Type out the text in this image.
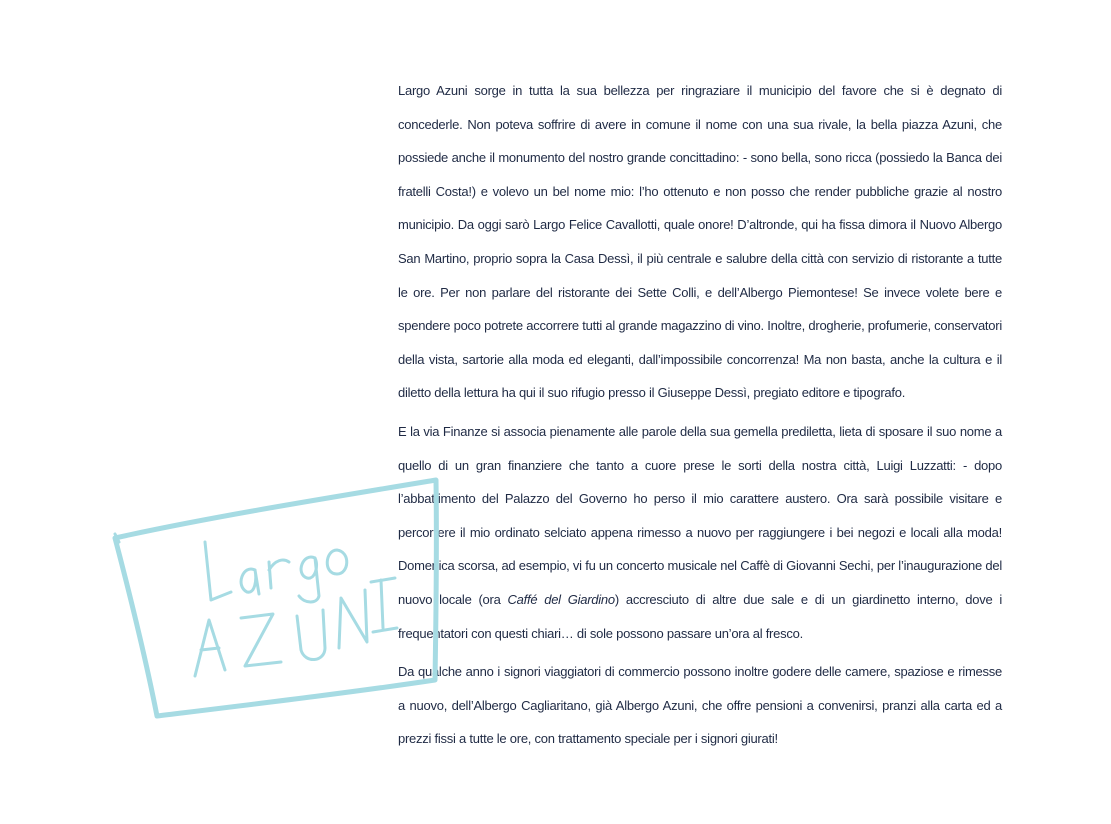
Largo Azuni sorge in tutta la sua bellezza per ringraziare il municipio del favore che si è degnato di concederle. Non poteva soffrire di avere in comune il nome con una sua rivale, la bella piazza Azuni, che possiede anche il monumento del nostro grande concittadino: - sono bella, sono ricca (possiedo la Banca dei fratelli Costa!) e volevo un bel nome mio: l’ho ottenuto e non posso che render pubbliche grazie al nostro municipio. Da oggi sarò Largo Felice Cavallotti, quale onore! D’altronde, qui ha fissa dimora il Nuovo Albergo San Martino, proprio sopra la Casa Dessì, il più centrale e salubre della città con servizio di ristorante a tutte le ore. Per non parlare del ristorante dei Sette Colli, e dell’Albergo Piemontese! Se invece volete bere e spendere poco potrete accorrere tutti al grande magazzino di vino. Inoltre, drogherie, profumerie, conservatori della vista, sartorie alla moda ed eleganti, dall’impossibile concorrenza! Ma non basta, anche la cultura e il diletto della lettura ha qui il suo rifugio presso il Giuseppe Dessì, pregiato editore e tipografo.

E la via Finanze si associa pienamente alle parole della sua gemella prediletta, lieta di sposare il suo nome a quello di un gran finanziere che tanto a cuore prese le sorti della nostra città, Luigi Luzzatti: - dopo l’abbattimento del Palazzo del Governo ho perso il mio carattere austero. Ora sarà possibile visitare e percorrere il mio ordinato selciato appena rimesso a nuovo per raggiungere i bei negozi e locali alla moda! Domenica scorsa, ad esempio, vi fu un concerto musicale nel Caffè di Giovanni Sechi, per l’inaugurazione del nuovo locale (ora Caffé del Giardino) accresciuto di altre due sale e di un giardinetto interno, dove i frequentatori con questi chiari… di sole possono passare un’ora al fresco.

Da qualche anno i signori viaggiatori di commercio possono inoltre godere delle camere, spaziose e rimesse a nuovo, dell’Albergo Cagliaritano, già Albergo Azuni, che offre pensioni a convenirsi, pranzi alla carta ed a prezzi fissi a tutte le ore, con trattamento speciale per i signori giurati!
